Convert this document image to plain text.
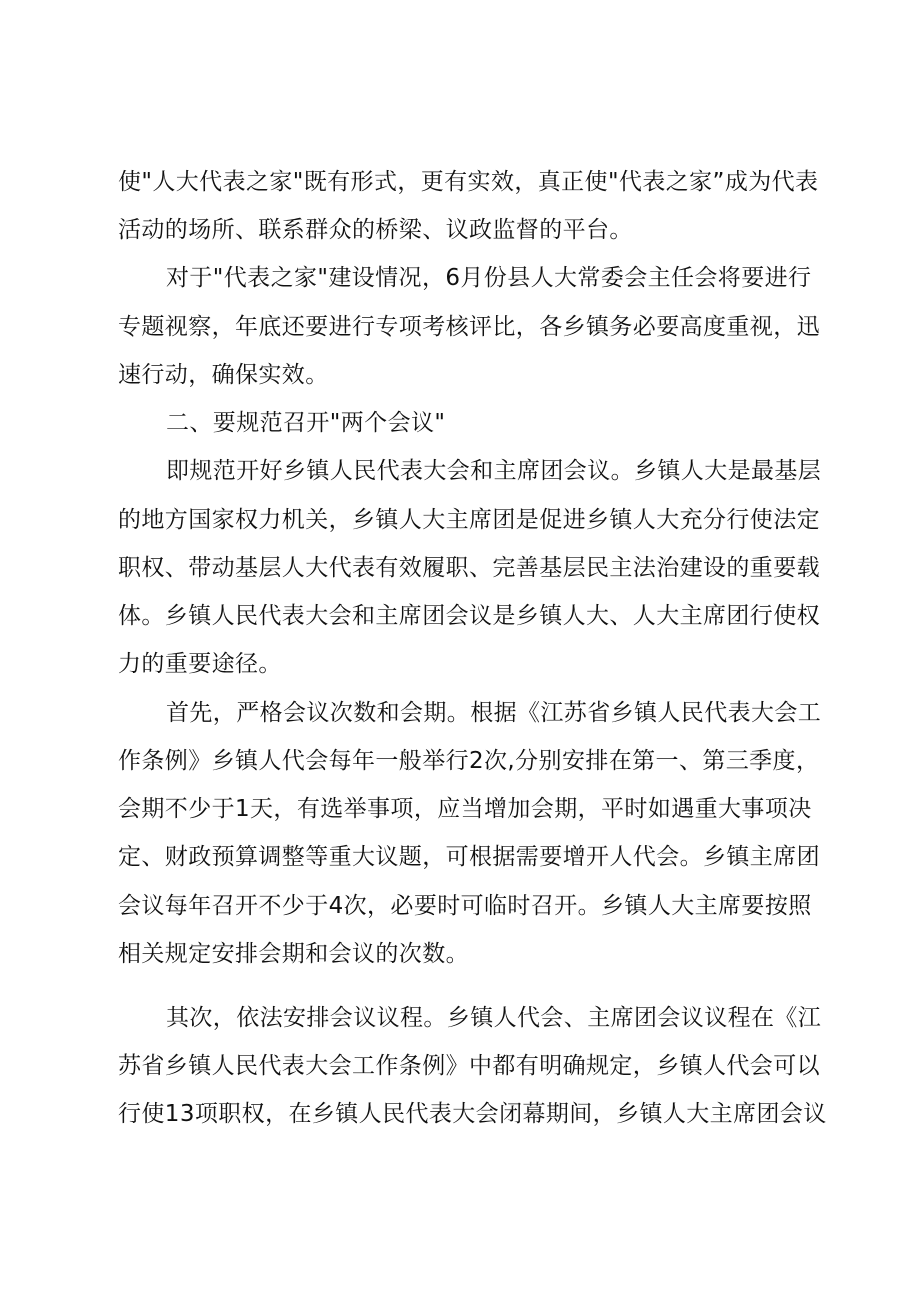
使"人大代表之家"既有形式，更有实效，真正使"代表之家”成为代表
活动的场所、联系群众的桥梁、议政监督的平台。
对于"代表之家"建设情况，6月份县人大常委会主任会将要进行
专题视察，年底还要进行专项考核评比，各乡镇务必要高度重视，迅
速行动，确保实效。
二、要规范召开"两个会议"
即规范开好乡镇人民代表大会和主席团会议。乡镇人大是最基层
的地方国家权力机关，乡镇人大主席团是促进乡镇人大充分行使法定
职权、带动基层人大代表有效履职、完善基层民主法治建设的重要载
体。乡镇人民代表大会和主席团会议是乡镇人大、人大主席团行使权
力的重要途径。
首先，严格会议次数和会期。根据《江苏省乡镇人民代表大会工
作条例》乡镇人代会每年一般举行2次,分别安排在第一、第三季度，
会期不少于1天，有选举事项，应当增加会期，平时如遇重大事项决
定、财政预算调整等重大议题，可根据需要增开人代会。乡镇主席团
会议每年召开不少于4次，必要时可临时召开。乡镇人大主席要按照
相关规定安排会期和会议的次数。
其次，依法安排会议议程。乡镇人代会、主席团会议议程在《江
苏省乡镇人民代表大会工作条例》中都有明确规定，乡镇人代会可以
行使13项职权，在乡镇人民代表大会闭幕期间，乡镇人大主席团会议
